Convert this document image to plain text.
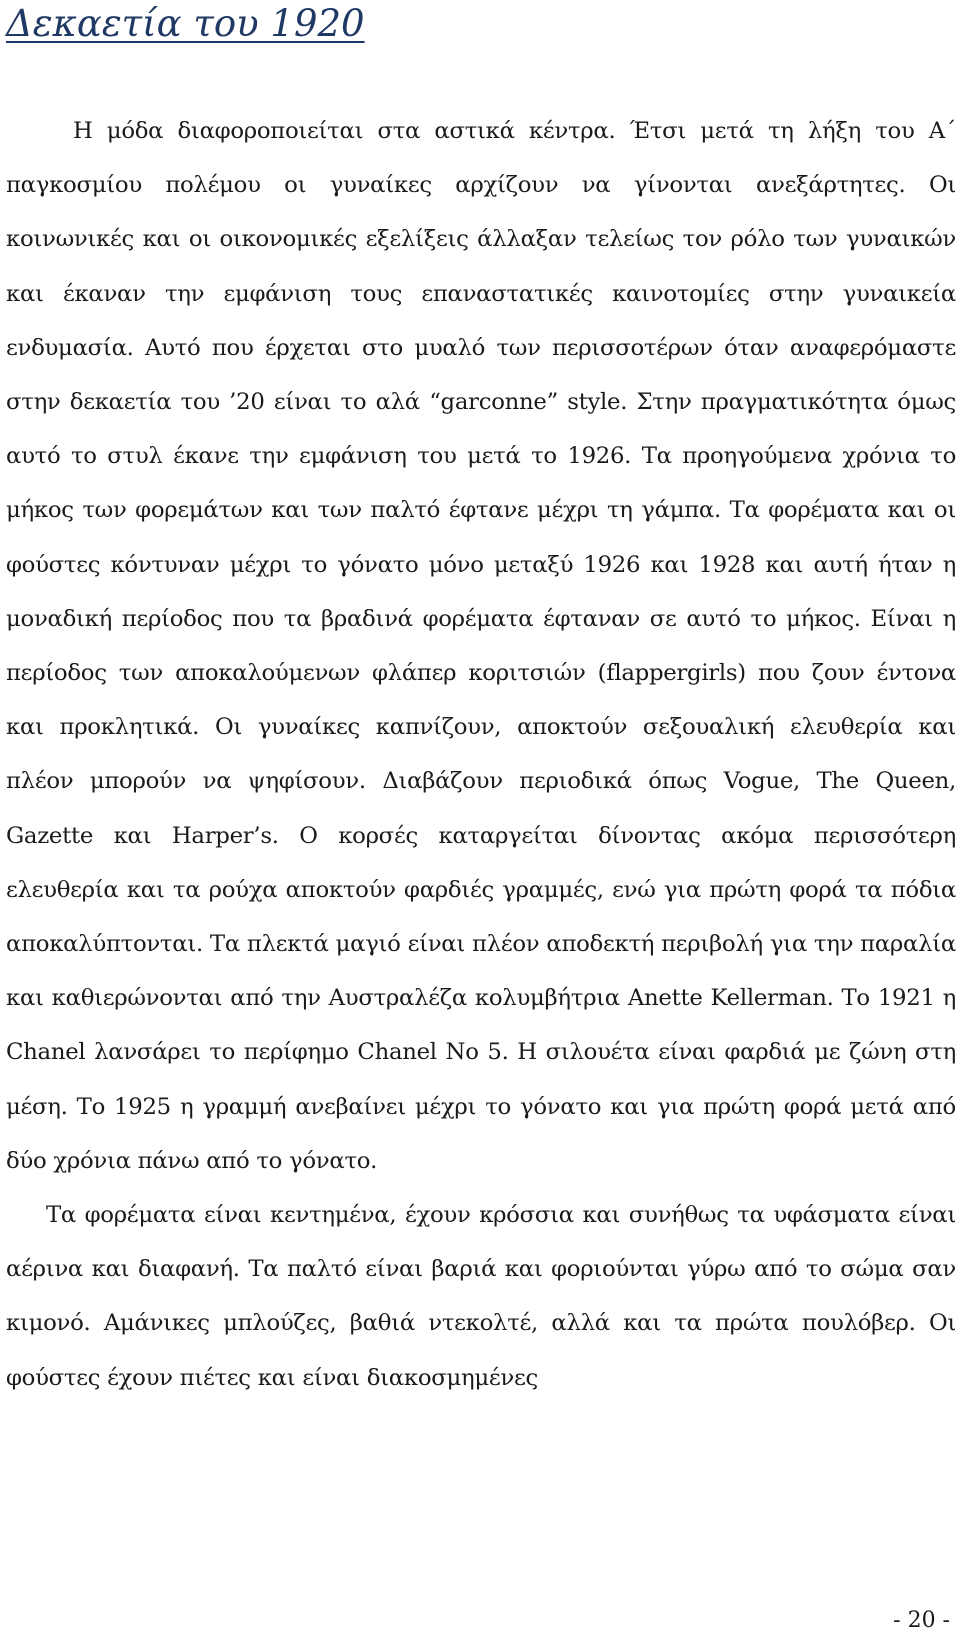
Δεκαετία του 1920

Η μόδα διαφοροποιείται στα αστικά κέντρα. Έτσι μετά τη λήξη του Α΄ παγκοσμίου πολέμου οι γυναίκες αρχίζουν να γίνονται ανεξάρτητες. Οι κοινωνικές και οι οικονομικές εξελίξεις άλλαξαν τελείως τον ρόλο των γυναικών και έκαναν την εμφάνιση τους επαναστατικές καινοτομίες στην γυναικεία ενδυμασία. Αυτό που έρχεται στο μυαλό των περισσοτέρων όταν αναφερόμαστε στην δεκαετία του ’20 είναι το αλά “garconne” style. Στην πραγματικότητα όμως αυτό το στυλ έκανε την εμφάνιση του μετά το 1926. Τα προηγούμενα χρόνια το μήκος των φορεμάτων και των παλτό έφτανε μέχρι τη γάμπα. Τα φορέματα και οι φούστες κόντυναν μέχρι το γόνατο μόνο μεταξύ 1926 και 1928 και αυτή ήταν η μοναδική περίοδος που τα βραδινά φορέματα έφταναν σε αυτό το μήκος. Είναι η περίοδος των αποκαλούμενων φλάπερ κοριτσιών (flappergirls) που ζουν έντονα και προκλητικά. Οι γυναίκες καπνίζουν, αποκτούν σεξουαλική ελευθερία και πλέον μπορούν να ψηφίσουν. Διαβάζουν περιοδικά όπως Vogue, The Queen, Gazette και Harper’s. Ο κορσές καταργείται δίνοντας ακόμα περισσότερη ελευθερία και τα ρούχα αποκτούν φαρδιές γραμμές, ενώ για πρώτη φορά τα πόδια αποκαλύπτονται. Τα πλεκτά μαγιό είναι πλέον αποδεκτή περιβολή για την παραλία και καθιερώνονται από την Αυστραλέζα κολυμβήτρια Anette Kellerman. Το 1921 η Chanel λανσάρει το περίφημο Chanel No 5. Η σιλουέτα είναι φαρδιά με ζώνη στη μέση. Το 1925 η γραμμή ανεβαίνει μέχρι το γόνατο και για πρώτη φορά μετά από δύο χρόνια πάνω από το γόνατο.

Τα φορέματα είναι κεντημένα, έχουν κρόσσια και συνήθως τα υφάσματα είναι αέρινα και διαφανή. Τα παλτό είναι βαριά και φοριούνται γύρω από το σώμα σαν κιμονό. Αμάνικες μπλούζες, βαθιά ντεκολτέ, αλλά και τα πρώτα πουλόβερ. Οι φούστες έχουν πιέτες και είναι διακοσμημένες

- 20 -
